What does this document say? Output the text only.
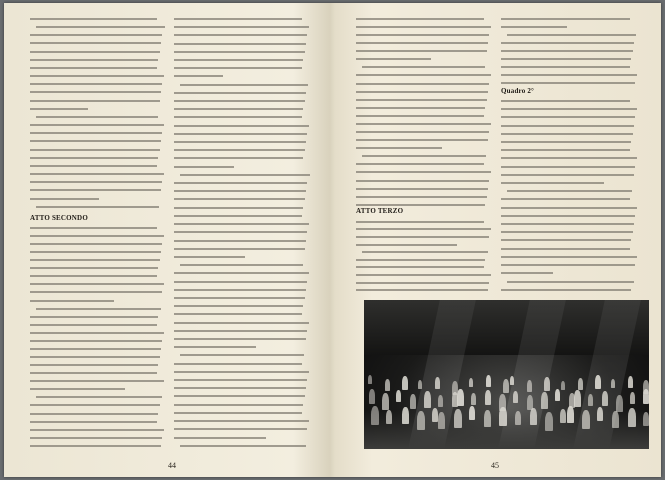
ATTO SECONDO

44

ATTO TERZO

Quadro 2°

45
